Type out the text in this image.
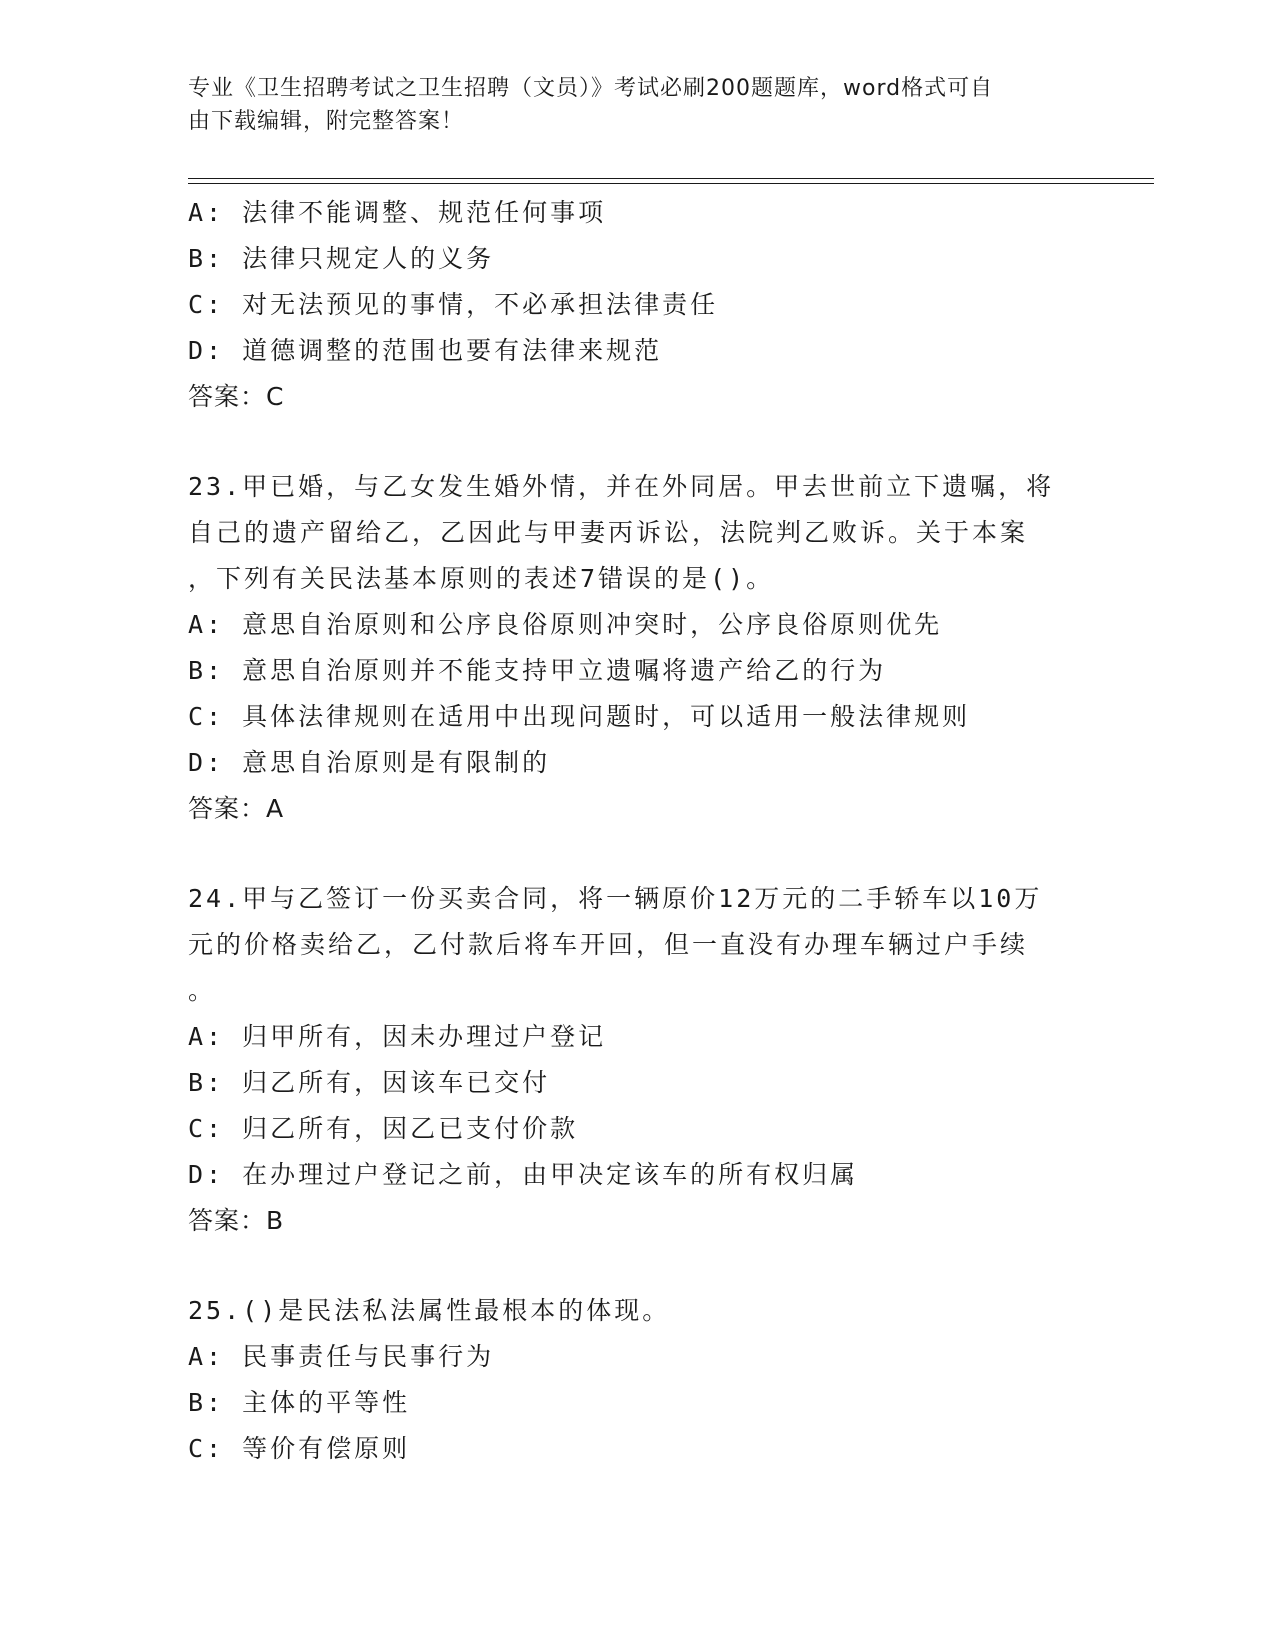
专业《卫生招聘考试之卫生招聘（文员）》考试必刷200题题库，word格式可自
由下载编辑，附完整答案！
A: 法律不能调整、规范任何事项
B: 法律只规定人的义务
C: 对无法预见的事情，不必承担法律责任
D: 道德调整的范围也要有法律来规范
答案：C
23.甲已婚，与乙女发生婚外情，并在外同居。甲去世前立下遗嘱，将
自己的遗产留给乙，乙因此与甲妻丙诉讼，法院判乙败诉。关于本案
，下列有关民法基本原则的表述7错误的是()。
A: 意思自治原则和公序良俗原则冲突时，公序良俗原则优先
B: 意思自治原则并不能支持甲立遗嘱将遗产给乙的行为
C: 具体法律规则在适用中出现问题时，可以适用一般法律规则
D: 意思自治原则是有限制的
答案：A
24.甲与乙签订一份买卖合同，将一辆原价12万元的二手轿车以10万
元的价格卖给乙，乙付款后将车开回，但一直没有办理车辆过户手续
。
A: 归甲所有，因未办理过户登记
B: 归乙所有，因该车已交付
C: 归乙所有，因乙已支付价款
D: 在办理过户登记之前，由甲决定该车的所有权归属
答案：B
25.()是民法私法属性最根本的体现。
A: 民事责任与民事行为
B: 主体的平等性
C: 等价有偿原则
